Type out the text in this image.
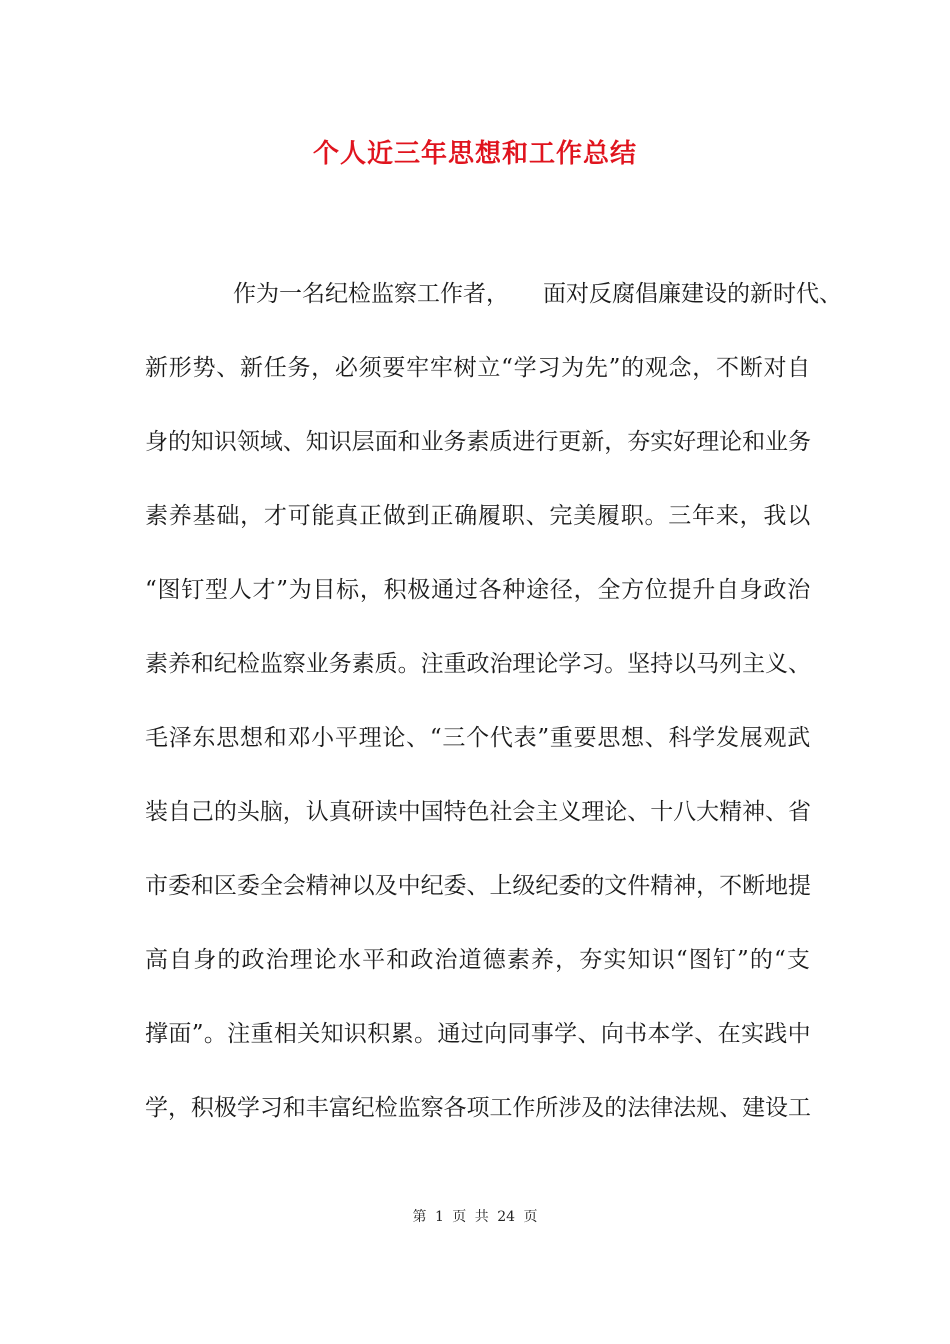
个人近三年思想和工作总结
作为一名纪检监察工作者， 面对反腐倡廉建设的新时代、
新形势、新任务，必须要牢牢树立“学习为先”的观念，不断对自
身的知识领域、知识层面和业务素质进行更新，夯实好理论和业务
素养基础，才可能真正做到正确履职、完美履职。三年来，我以
“图钉型人才”为目标，积极通过各种途径，全方位提升自身政治
素养和纪检监察业务素质。注重政治理论学习。坚持以马列主义、
毛泽东思想和邓小平理论、“三个代表”重要思想、科学发展观武
装自己的头脑，认真研读中国特色社会主义理论、十八大精神、省
市委和区委全会精神以及中纪委、上级纪委的文件精神，不断地提
高自身的政治理论水平和政治道德素养，夯实知识“图钉”的“支
撑面”。注重相关知识积累。通过向同事学、向书本学、在实践中
学，积极学习和丰富纪检监察各项工作所涉及的法律法规、建设工
第 1 页 共 24 页
